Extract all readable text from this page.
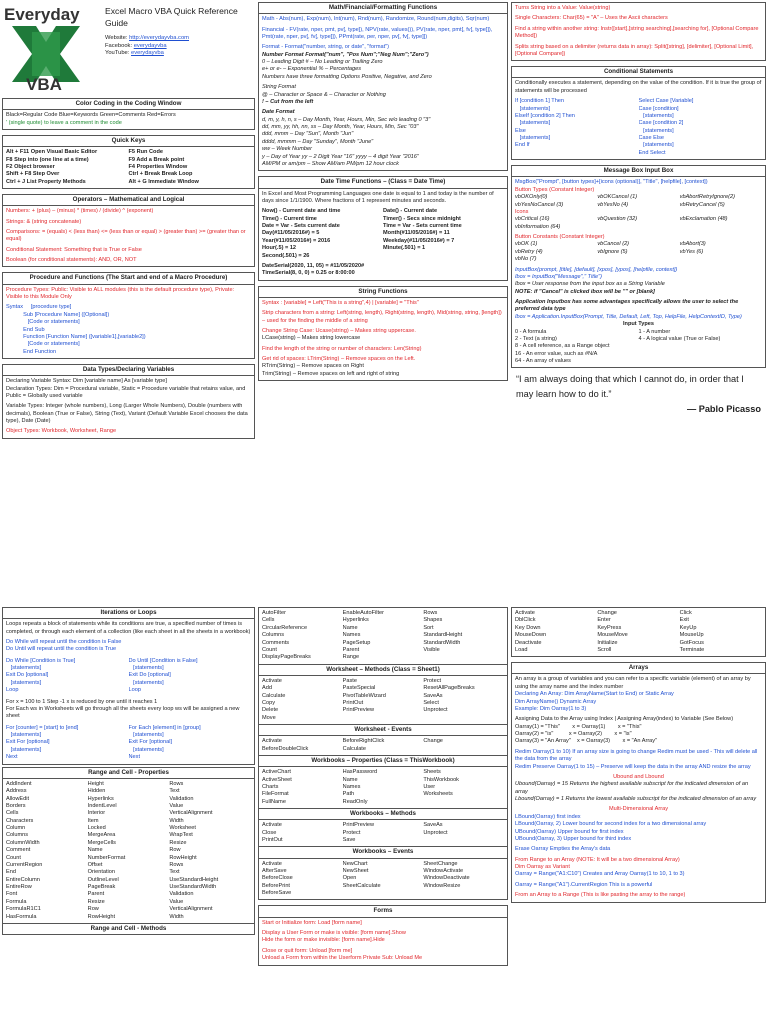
Everyday
VBA
Excel Macro VBA Quick Reference Guide
Website: http://everydayvba.com
Facebook: everydayvba
YouTube: everydayvba
Color Coding in the Coding Window
Black=Regular Code Blue=Keywords Green=Comments Red=Errors
' (single quote) to leave a comment in the code
Quick Keys
Alt + F11 Open Visual Basic Editor	F5 Run Code
F8 Step into (one line at a time)	F9 Add a Break point
F2 Object browser	F4 Properties Window
Shift + F8 Step Over	Ctrl + Break Break Loop
Ctrl + J List Property Methods	Alt + G Immediate Window
Operators – Mathematical and Logical
Numbers: + (plus) – (minus) * (times) / (divide) ^ (exponent)
Strings: & (string concatenate)
Comparisons: = (equals) < (less than) <= (less than or equal) > (greater than) >= (greater than or equal)
Conditional Statement: Something that is True or False
Boolean (for conditional statements): AND, OR, NOT
Procedure and Functions (The Start and end of a Macro Procedure)
Procedure Types: Public: Visible to ALL modules (this is the default procedure type), Private: Visible to this Module Only
Syntax     [procedure type]
Sub [Procedure Name] ([Optional])
[Code or statements]
End Sub
Function [Function Name] ([variable1],[variable2])
[Code or statements]
End Function
Data Types/Declaring Variables
Declaring Variable Syntax: Dim [variable name] As [variable type]
Declaration Types: Dim = Procedural variable, Static = Procedure variable that retains value, and Public = Globally used variable
Variable Types: Integer (whole numbers), Long (Larger Whole Numbers), Double (numbers with decimals), Boolean (True or False), String (Text), Variant (Default Variable Excel chooses the data type), Date (Date)
Object Types: Workbook, Worksheet, Range
Math/Financial/Formatting Functions
Math - Abs(num), Exp(num), Int(num), Rnd(num), Randomize, Round(num,digits), Sqr(num)
Financial - FV(rate, nper, pmt, pv[, type]), NPV(rate, values()), PV(rate, nper, pmt[, fv[, type]]), Pmt(rate, nper, pv[, fv[, type]]), PPmt(rate, per, nper, pv[, fv[, type]])
Format - Format("number, string, or date", "format")
Number Format Format("num", "Pos Num";"Neg Num";"Zero")
0 – Leading Digit # – No Leading or Trailing Zero
e+ or e- – Exponential % – Percentages
Numbers have three formatting Options Positive, Negative, and Zero
String Format
@ – Character or Space & – Character or Nothing
! – Cut from the left
Date Format
d, m, y, h, n, s – Day Month, Year, Hours, Min, Sec w/o leading 0 "3"
dd, mm, yy, hh, nn, ss – Day Month, Year, Hours, Min, Sec "03"
ddd, mmm – Day "Sun", Month "Jun"
dddd, mmmm – Day "Sunday", Month "June"
ww – Week Number
y – Day of Year yy – 2 Digit Year "16" yyyy – 4 digit Year "2016"
AM/PM or am/pm – Show AM/am PM/pm 12 hour clock
Date Time Functions – (Class = Date Time)
In Excel and Most Programming Languages one date is equal to 1 and today is the number of days since 1/1/1900. Where fractions of 1 represent minutes and seconds.
Now() - Current date and time	Date() - Current date
Time() - Current time	Timer() - Secs since midnight
Date = Var - Sets current date	Time = Var - Sets current time
Day(#11/05/2016#) = 5	Month(#11/05/2016#) = 11
Year(#11/05/2016#) = 2016	Weekday(#11/05/2016#) = 7
Hour(.5) = 12	Minute(.501) = 1
Second(.501) = 26
DateSerial(2020, 11, 05) = #11/05/2020#
TimeSerial(8, 0, 0) = 0.25 or 8:00:00
String Functions
Syntax : [variable] = Left("This is a string",4) | [variable] = "This"
Strip characters from a string: Left(string, length), Right(string, length), Mid(string, string, [length]) – used for the finding the middle of a string
Change String Case: Ucase(string) – Makes string uppercase.
LCase(string) – Makes string lowercase
Find the length of the string or number of characters: Len(String)
Get rid of spaces: LTrim(String) – Remove spaces on the Left.
RTrim(String) – Remove spaces on Right
Trim(String) – Remove spaces on left and right of string
Turns String into a Value: Value(string)
Single Characters: Char(65) = "A" – Uses the Ascii characters
Find a string within another string: Instr([start],[string searching],[searching for], [Optional Compare Method])
Splits string based on a delimiter (returns data in array): Split([string], [delimiter], [Optional Limit],[Optional Compare])
Conditional Statements
Conditionally executes a statement, depending on the value of the condition. If it is true the group of statements will be processed
If [condition 1] Then
[statements]
ElseIf [condition 2] Then
[statements]
Else
[statements]
End If
Select Case [Variable]
Case [condition]
[statements]
Case [condition 2]
[statements]
Case Else
[statements]
End Select
Message Box Input Box
MsgBox("Prompt", [button types]+[icons (optional)], "Title", [helpfile], [context])
Button Types (Constant Integer)
vbOKOnly(0)	vbOKCancel (1)	vbAbortRetryIgnore(2)
vbYesNoCancel (3)	vbYesNo (4)	vbRetryCancel (5)
Icons
vbCritical (16)	vbQuestion (32)	vbExclamation (48)
vbInformation (64)
Button Constants (Constant Integer)
vbOK (1)	vbCancel (2)	vbAbort(3)
vbRetry (4)	vbIgnore (5)	vbYes (6)
vbNo (7)
InputBox(prompt, [title], [default], [xpos], [ypos], [helpfile, context])
Ibox = InputBox("Message"," Title")
Ibox = User response from the input box as a String Variable
NOTE: if "Cancel" is clicked ibox will be "" or [blank]
Application Inputbox has some advantages specifically allows the user to select the preferred data type
Ibox = Application.InputBox(Prompt, Title, Default, Left, Top, HelpFile, HelpContextID, Type)
Input Types
0 - A formula	1 - A number
2 - Text (a string)	4 - A logical value (True or False)
8 - A cell reference, as a Range object
16 - An error value, such as #N/A
64 - An array of values
“I am always doing that which I cannot do, in order that I may learn how to do it.”
— Pablo Picasso
Iterations or Loops
Loops repeats a block of statements while its conditions are true, a specified number of times is completed, or through each element of a collection (like each sheet in all the sheets in a workbook)
Do While will repeat until the condition is False
Do Until will repeat until the condition is True
Do While [Condition is True]
[statements]
Exit Do [optional]
[statements]
Loop
Do Until [Condition is False]
[statements]
Exit Do [optional]
[statements]
Loop
For x = 100 to 1 Step -1 x is reduced by one until it reaches 1
For Each ws in Worksheets will go through all the sheets every loop ws will be assigned a new sheet
For [counter] = [start] to [end]
[statements]
Exit For [optional]
[statements]
Next
For Each [element] in [group]
[statements]
Exit For [optional]
[statements]
Next
Range and Cell - Properties
AddIndent	Height	Rows
Address	Hidden	Text
AllowEdit	Hyperlinks	Validation
Borders	IndentLevel	Value
Cells	Interior	VerticalAlignment
Characters	Item	Width
Column	Locked	Worksheet
Columns	MergeArea	WrapText
ColumnWidth	MergeCells	Resize
Comment	Name	Row
Count	NumberFormat	RowHeight
CurrentRegion	Offset	Rows
End	Orientation	Text
EntireColumn	OutlineLevel	UseStandardHeight
EntireRow	PageBreak	UseStandardWidth
Font	Parent	Validation
Formula	Resize	Value
FormulaR1C1	Row	VerticalAlignment
HasFormula	RowHeight	Width
Range and Cell - Methods
AutoFilter	EnableAutoFilter	Rows
Cells	Hyperlinks	Shapes
CircularReference	Name	Sort
Columns	Names	StandardHeight
Comments	PageSetup	StandardWidth
Count	Parent	Visible
DisplayPageBreaks	Range
Worksheet – Methods (Class = Sheet1)
Activate	Paste	Protect
Add	PasteSpecial	ResetAllPageBreaks
Calculate	PivotTableWizard	SaveAs
Copy	PrintOut	Select
Delete	PrintPreview	Unprotect
Move
Worksheet - Events
Activate	BeforeRightClick	Change
BeforeDoubleClick	Calculate
Workbooks – Properties (Class = ThisWorkbook)
ActiveChart	HasPassword	Sheets
ActiveSheet	Name	ThisWorkbook
Charts	Names	User
FileFormat	Path	Worksheets
FullName	ReadOnly
Workbooks – Methods
Activate	PrintPreview	SaveAs
Close	Protect	Unprotect
PrintOut	Save
Workbooks – Events
Activate	NewChart	SheetChange
AfterSave	NewSheet	WindowActivate
BeforeClose	Open	WindowDeactivate
BeforePrint	SheetCalculate	WindowResize
BeforeSave
Forms
Start or Initialize form: Load [form name]
Display a User Form or make is visible: [form name].Show
Hide the form or make invisible: [form name].Hide
Close or quit form: Unload [form me]
Unload a Form from within the Userform Private Sub: Unload Me
Activate	Change	Click
DblClick	Enter	Exit
Key Down	KeyPress	KeyUp
MouseDown	MouseMove	MouseUp
Deactivate	Initialize	GotFocus
Load	Scroll	Terminate
Arrays
An array is a group of variables and you can refer to a specific variable (element) of an array by using the array name and the index number
Declaring An Array: Dim ArrayName(Start to End) or Static Array
Dim ArrayName() Dynamic Array
Example: Dim Oarray(1 to 3)
Assigning Data to the Array using Index | Assigning Array(index) to Variable (See Below)
Oarray(1) = "This"        x = Oarray(1)        x = "This"
Oarray(2) = "is"          x = Oarray(2)        x = "is"
Oarray(3) = "An Array"    x = Oarray(3)        x = "An Array"
Redim Oarray(1 to 10) If an array size is going to change Redim must be used - This will delete all the data from the array
Redim Preserve Oarray(1 to 15) – Preserve will keep the data in the array AND resize the array
Ubound and Lbound
Ubound(Oarray) = 15 Returns the highest available subscript for the indicated dimension of an array
Lbound(Oarray) = 1 Returns the lowest available subscript for the indicated dimension of an array
Multi-Dimensional Array
LBound(Oarray) first index
LBound(Oarray, 2) Lower bound for second index for a two dimensional array
UBound(Oarray) Upper bound for first index
UBound(Oarray, 3) Upper bound for third index
Erase Oarray Empties the Array's data
From Range to an Array (NOTE: It will be a two dimensional Array)
Dim Oarray as Variant
Oarray = Range("A1:C10") Creates and Array Oarray(1 to 10, 1 to 3)
Oarray = Range("A1").CurrentRegion This is a powerful
From an Array to a Range (This is like pasting the array to the range)
